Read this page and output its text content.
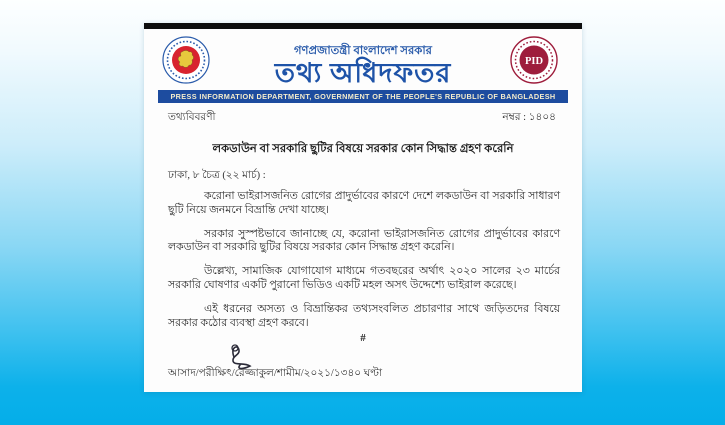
PID
গণপ্রজাতন্ত্রী বাংলাদেশ সরকার
তথ্য অধিদফতর
PRESS INFORMATION DEPARTMENT, GOVERNMENT OF THE PEOPLE'S REPUBLIC OF BANGLADESH
তথ্যবিবরণী	নম্বর : ১৪০৪
লকডাউন বা সরকারি ছুটির বিষয়ে সরকার কোন সিদ্ধান্ত গ্রহণ করেনি
ঢাকা, ৮ চৈত্র (২২ মার্চ) :

করোনা ভাইরাসজনিত রোগের প্রাদুর্ভাবের কারণে দেশে লকডাউন বা সরকারি সাধারণ ছুটি নিয়ে জনমনে বিভ্রান্তি দেখা যাচ্ছে।

সরকার সুস্পষ্টভাবে জানাচ্ছে যে, করোনা ভাইরাসজনিত রোগের প্রাদুর্ভাবের কারণে লকডাউন বা সরকারি ছুটির বিষয়ে সরকার কোন সিদ্ধান্ত গ্রহণ করেনি।

উল্লেখ্য, সামাজিক যোগাযোগ মাধ্যমে গতবছরের অর্থাৎ ২০২০ সালের ২৩ মার্চের সরকারি ঘোষণার একটি পুরানো ভিডিও একটি মহল অসৎ উদ্দেশ্যে ভাইরাল করেছে।

এই ধরনের অসত্য ও বিভ্রান্তিকর তথ্যসংবলিত প্রচারণার সাথে জড়িতদের বিষয়ে সরকার কঠোর ব্যবস্থা গ্রহণ করবে।

#
আসাদ/পরীক্ষিৎ/রেজ্জাকুল/শামীম/২০২১/১৩৪০ ঘণ্টা
